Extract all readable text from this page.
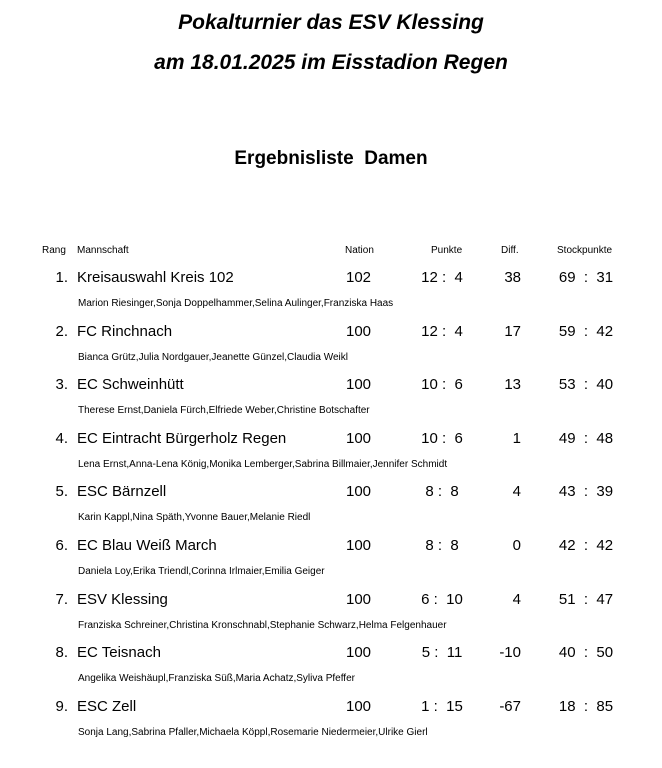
Pokalturnier das ESV Klessing
am 18.01.2025 im Eisstadion Regen
Ergebnisliste  Damen
Rang Mannschaft	Nation	Punkte	Diff.	Stockpunkte
1. Kreisauswahl Kreis 102	102	12 :  4	38	69  :  31
Marion Riesinger,Sonja Doppelhammer,Selina Aulinger,Franziska Haas
2. FC Rinchnach	100	12 :  4	17	59  :  42
Bianca Grütz,Julia Nordgauer,Jeanette Günzel,Claudia Weikl
3. EC Schweinhütt	100	10 :  6	13	53  :  40
Therese Ernst,Daniela Fürch,Elfriede Weber,Christine Botschafter
4. EC Eintracht Bürgerholz Regen	100	10 :  6	1	49  :  48
Lena Ernst,Anna-Lena König,Monika Lemberger,Sabrina Billmaier,Jennifer Schmidt
5. ESC Bärnzell	100	8 :  8	4	43  :  39
Karin Kappl,Nina Späth,Yvonne Bauer,Melanie Riedl
6. EC Blau Weiß March	100	8 :  8	0	42  :  42
Daniela Loy,Erika Triendl,Corinna Irlmaier,Emilia Geiger
7. ESV Klessing	100	6 :  10	4	51  :  47
Franziska Schreiner,Christina Kronschnabl,Stephanie Schwarz,Helma Felgenhauer
8. EC Teisnach	100	5 :  11	-10	40  :  50
Angelika Weishäupl,Franziska Süß,Maria Achatz,Syliva Pfeffer
9. ESC Zell	100	1 :  15	-67	18  :  85
Sonja Lang,Sabrina Pfaller,Michaela Köppl,Rosemarie Niedermeier,Ulrike Gierl
